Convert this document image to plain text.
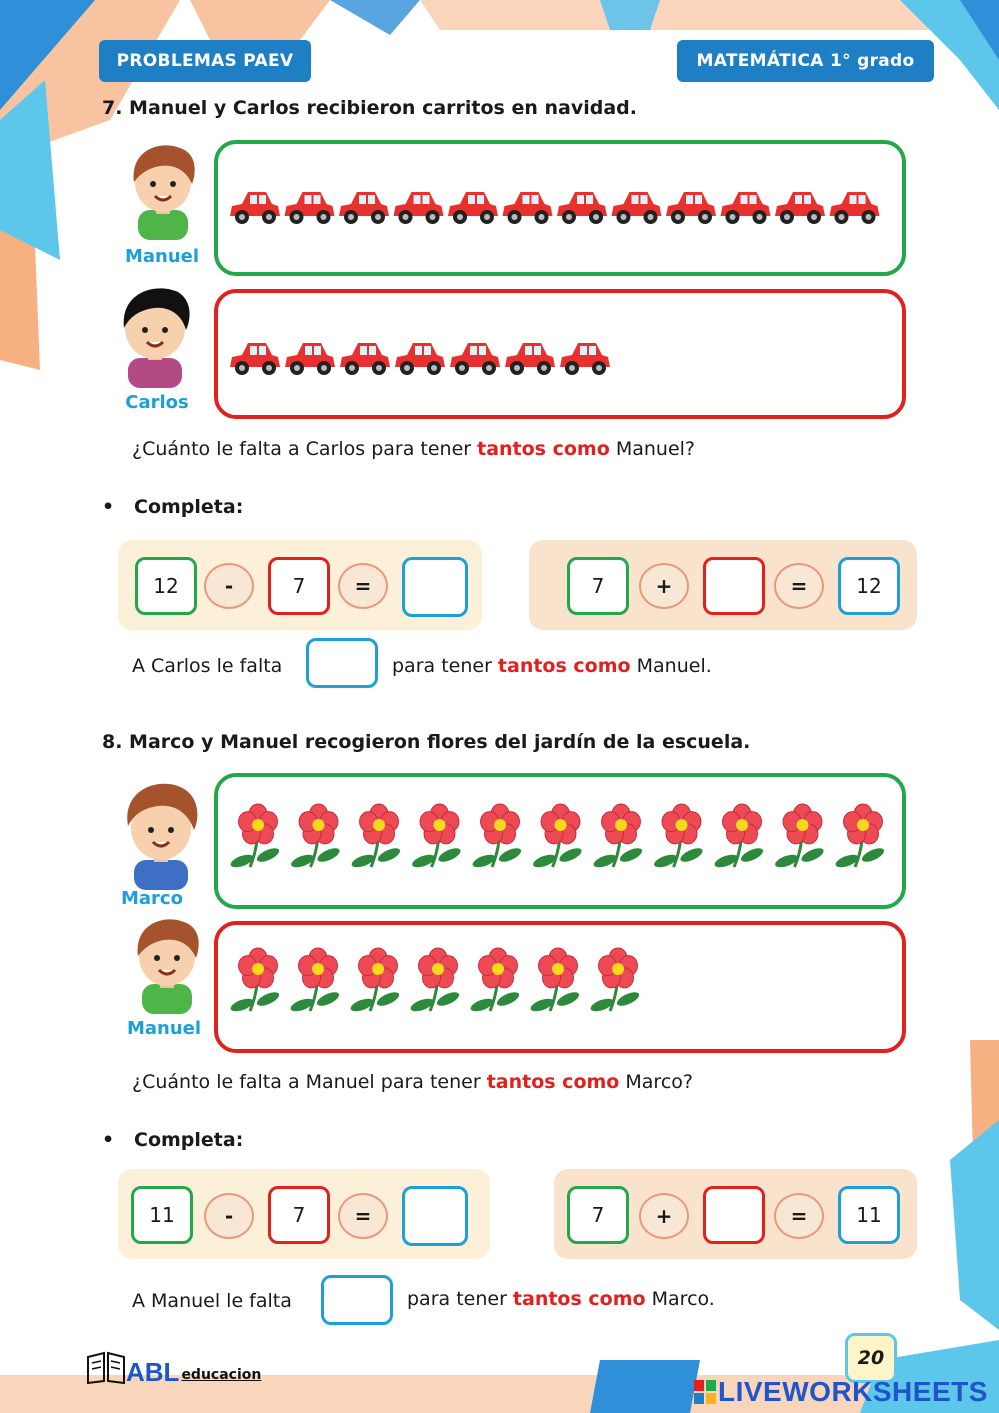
PROBLEMAS PAEV	MATEMÁTICA 1° grado
7. Manuel y Carlos recibieron carritos en navidad.
Manuel
Carlos
¿Cuánto le falta a Carlos para tener tantos como Manuel?
•   Completa:
12	-	7	=	7	+	=	12
A Carlos le falta	para tener tantos como Manuel.
8. Marco y Manuel recogieron flores del jardín de la escuela.
Marco
Manuel
¿Cuánto le falta a Manuel para tener tantos como Marco?
•   Completa:
11	-	7	=	7	+	=	11
A Manuel le falta	para tener tantos como Marco.
ABL educacion
20
LIVEWORKSHEETS
